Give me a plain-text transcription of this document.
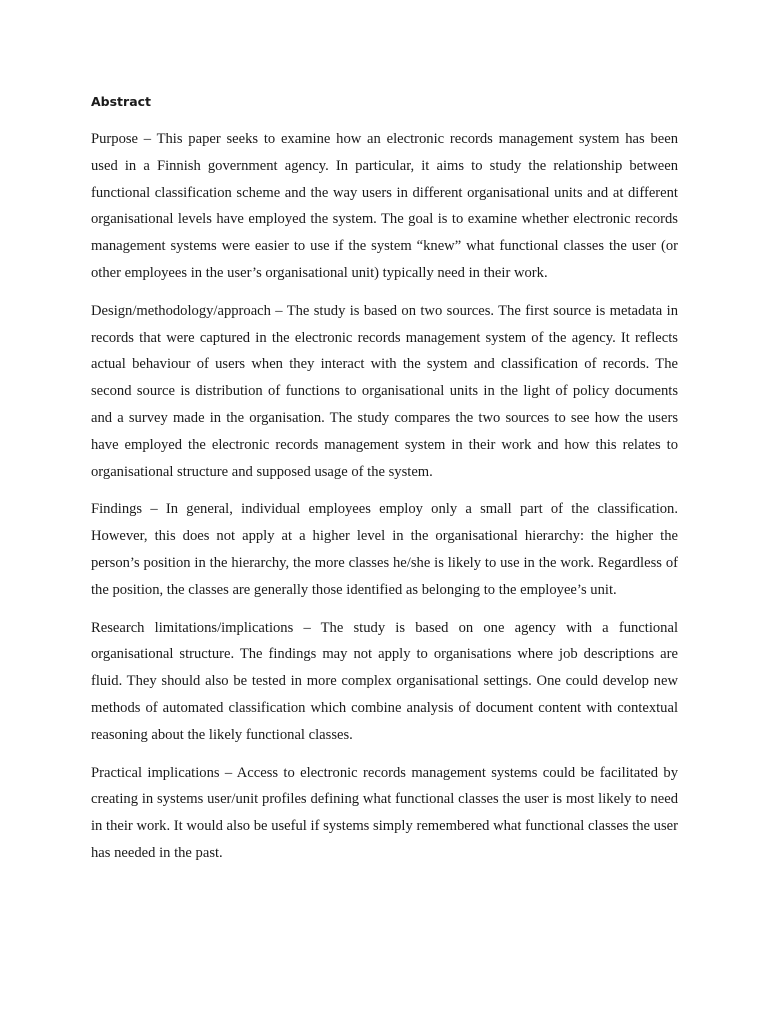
Abstract

Purpose – This paper seeks to examine how an electronic records management system has been used in a Finnish government agency. In particular, it aims to study the relationship between functional classification scheme and the way users in different organisational units and at different organisational levels have employed the system. The goal is to examine whether electronic records management systems were easier to use if the system “knew” what functional classes the user (or other employees in the user’s organisational unit) typically need in their work.

Design/methodology/approach – The study is based on two sources. The first source is metadata in records that were captured in the electronic records management system of the agency. It reflects actual behaviour of users when they interact with the system and classification of records. The second source is distribution of functions to organisational units in the light of policy documents and a survey made in the organisation. The study compares the two sources to see how the users have employed the electronic records management system in their work and how this relates to organisational structure and supposed usage of the system.

Findings – In general, individual employees employ only a small part of the classification. However, this does not apply at a higher level in the organisational hierarchy: the higher the person’s position in the hierarchy, the more classes he/she is likely to use in the work. Regardless of the position, the classes are generally those identified as belonging to the employee’s unit.

Research limitations/implications – The study is based on one agency with a functional organisational structure. The findings may not apply to organisations where job descriptions are fluid. They should also be tested in more complex organisational settings. One could develop new methods of automated classification which combine analysis of document content with contextual reasoning about the likely functional classes.

Practical implications – Access to electronic records management systems could be facilitated by creating in systems user/unit profiles defining what functional classes the user is most likely to need in their work. It would also be useful if systems simply remembered what functional classes the user has needed in the past.
